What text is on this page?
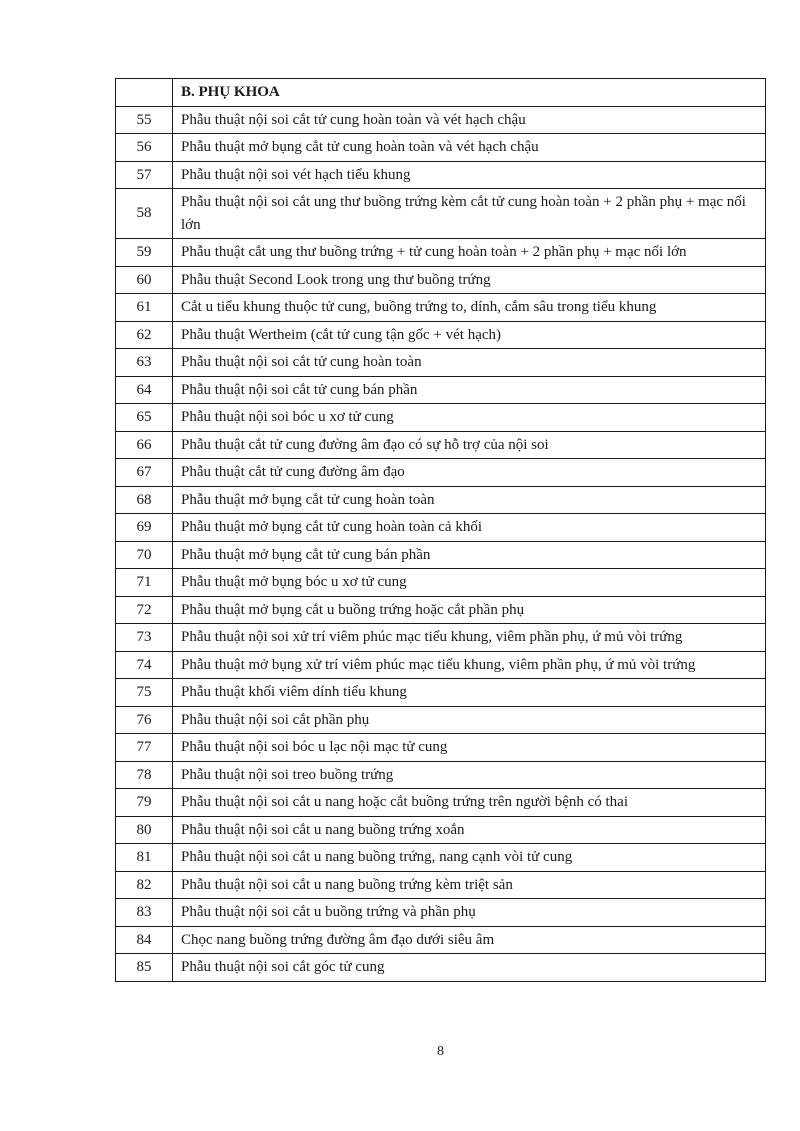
	B. PHỤ KHOA
55	Phẫu thuật nội soi cắt tử cung hoàn toàn và vét hạch chậu
56	Phẫu thuật mở bụng cắt tử cung hoàn toàn và vét hạch chậu
57	Phẫu thuật nội soi vét hạch tiểu khung
58	Phẫu thuật nội soi cắt ung thư buồng trứng kèm cắt tử cung hoàn toàn + 2 phần phụ + mạc nối lớn
59	Phẫu thuật cắt ung thư buồng trứng + tử cung hoàn toàn + 2 phần phụ + mạc nối lớn
60	Phẫu thuật Second Look trong ung thư buồng trứng
61	Cắt u tiểu khung thuộc tử cung, buồng trứng to, dính, cắm sâu trong tiểu khung
62	Phẫu thuật Wertheim (cắt tử cung tận gốc + vét hạch)
63	Phẫu thuật nội soi cắt tử cung hoàn toàn
64	Phẫu thuật nội soi cắt tử cung bán phần
65	Phẫu thuật nội soi bóc u xơ tử cung
66	Phẫu thuật cắt tử cung đường âm đạo có sự hỗ trợ của nội soi
67	Phẫu thuật cắt tử cung đường âm đạo
68	Phẫu thuật mở bụng cắt tử cung hoàn toàn
69	Phẫu thuật mở bụng cắt tử cung hoàn toàn cả khối
70	Phẫu thuật mở bụng cắt tử cung bán phần
71	Phẫu thuật mở bụng bóc u xơ tử cung
72	Phẫu thuật mở bụng cắt u buồng trứng hoặc cắt phần phụ
73	Phẫu thuật nội soi xử trí viêm phúc mạc tiểu khung, viêm phần phụ, ứ mủ vòi trứng
74	Phẫu thuật mở bụng xử trí viêm phúc mạc tiểu khung, viêm phần phụ, ứ mủ vòi trứng
75	Phẫu thuật khối viêm dính tiểu khung
76	Phẫu thuật nội soi cắt phần phụ
77	Phẫu thuật nội soi bóc u lạc nội mạc tử cung
78	Phẫu thuật nội soi treo buồng trứng
79	Phẫu thuật nội soi cắt u nang hoặc cắt buồng trứng trên người bệnh có thai
80	Phẫu thuật nội soi cắt u nang buồng trứng xoắn
81	Phẫu thuật nội soi cắt u nang buồng trứng, nang cạnh vòi tử cung
82	Phẫu thuật nội soi cắt u nang buồng trứng kèm triệt sản
83	Phẫu thuật nội soi cắt u buồng trứng và phần phụ
84	Chọc nang buồng trứng đường âm đạo dưới siêu âm
85	Phẫu thuật nội soi cắt góc tử cung
8
